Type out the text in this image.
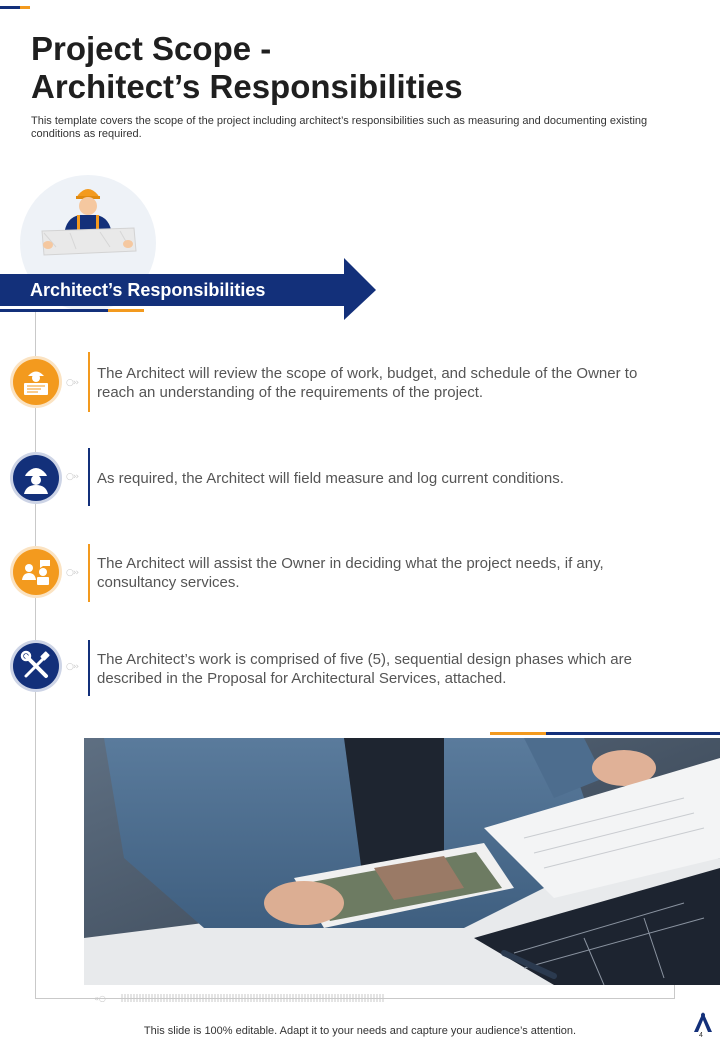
Project Scope -
Architect’s Responsibilities

This template covers the scope of the project including architect’s responsibilities such as measuring and documenting existing conditions as required.

Architect’s Responsibilities
○››
The Architect will review the scope of work, budget, and schedule of the Owner to reach an understanding of the requirements of the project.
○›› As required, the Architect will field measure and log current conditions.
○››
The Architect will assist the Owner in deciding what the project needs, if any, consultancy services.
○›› The Architect’s work is comprised of five (5), sequential design phases which are described in the Proposal for Architectural Services, attached.
«○
This slide is 100% editable. Adapt it to your needs and capture your audience’s attention.	4
